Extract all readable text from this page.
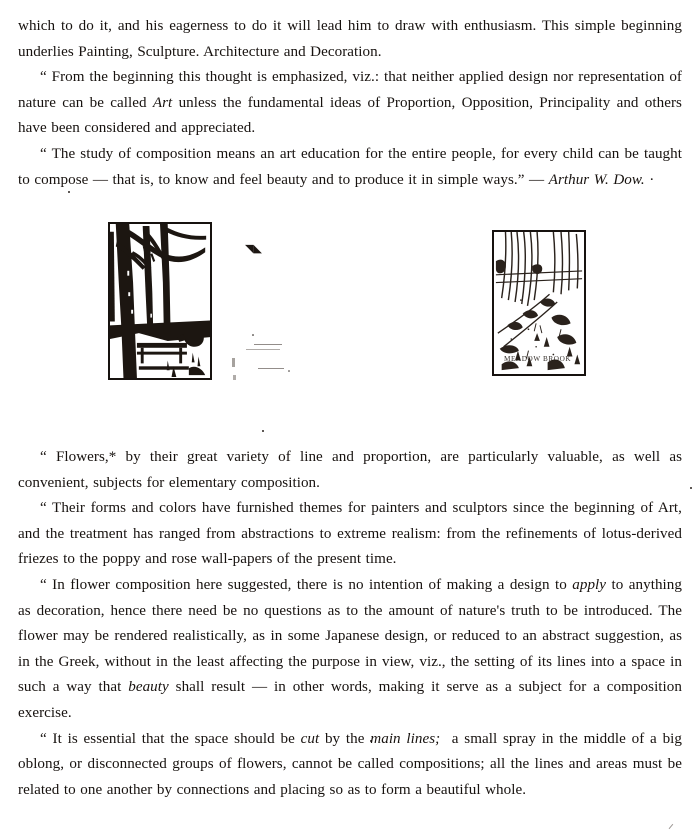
which to do it, and his eagerness to do it will lead him to draw with enthusiasm. This simple beginning underlies Painting, Sculpture. Architecture and Decoration.

“ From the beginning this thought is emphasized, viz.: that neither applied design nor representation of nature can be called Art unless the fundamental ideas of Proportion, Opposition, Principality and others have been considered and appreciated.

“ The study of composition means an art education for the entire people, for every child can be taught to compose — that is, to know and feel beauty and to produce it in simple ways.” — Arthur W. Dow. ·

MEADOW BROOK
◥◣

“ Flowers,* by their great variety of line and proportion, are particularly valuable, as well as convenient, subjects for elementary composition.

“ Their forms and colors have furnished themes for painters and sculptors since the beginning of Art, and the treatment has ranged from abstractions to extreme realism: from the refinements of lotus-derived friezes to the poppy and rose wall-papers of the present time.

“ In flower composition here suggested, there is no intention of making a design to apply to anything as decoration, hence there need be no questions as to the amount of nature's truth to be introduced. The flower may be rendered realistically, as in some Japanese design, or reduced to an abstract suggestion, as in the Greek, without in the least affecting the purpose in view, viz., the setting of its lines into a space in such a way that beauty shall result — in other words, making it serve as a subject for a composition exercise.

“ It is essential that the space should be cut by the main lines;  a small spray in the middle of a big oblong, or disconnected groups of flowers, cannot be called compositions; all the lines and areas must be related to one another by connections and placing so as to form a beautiful whole.
